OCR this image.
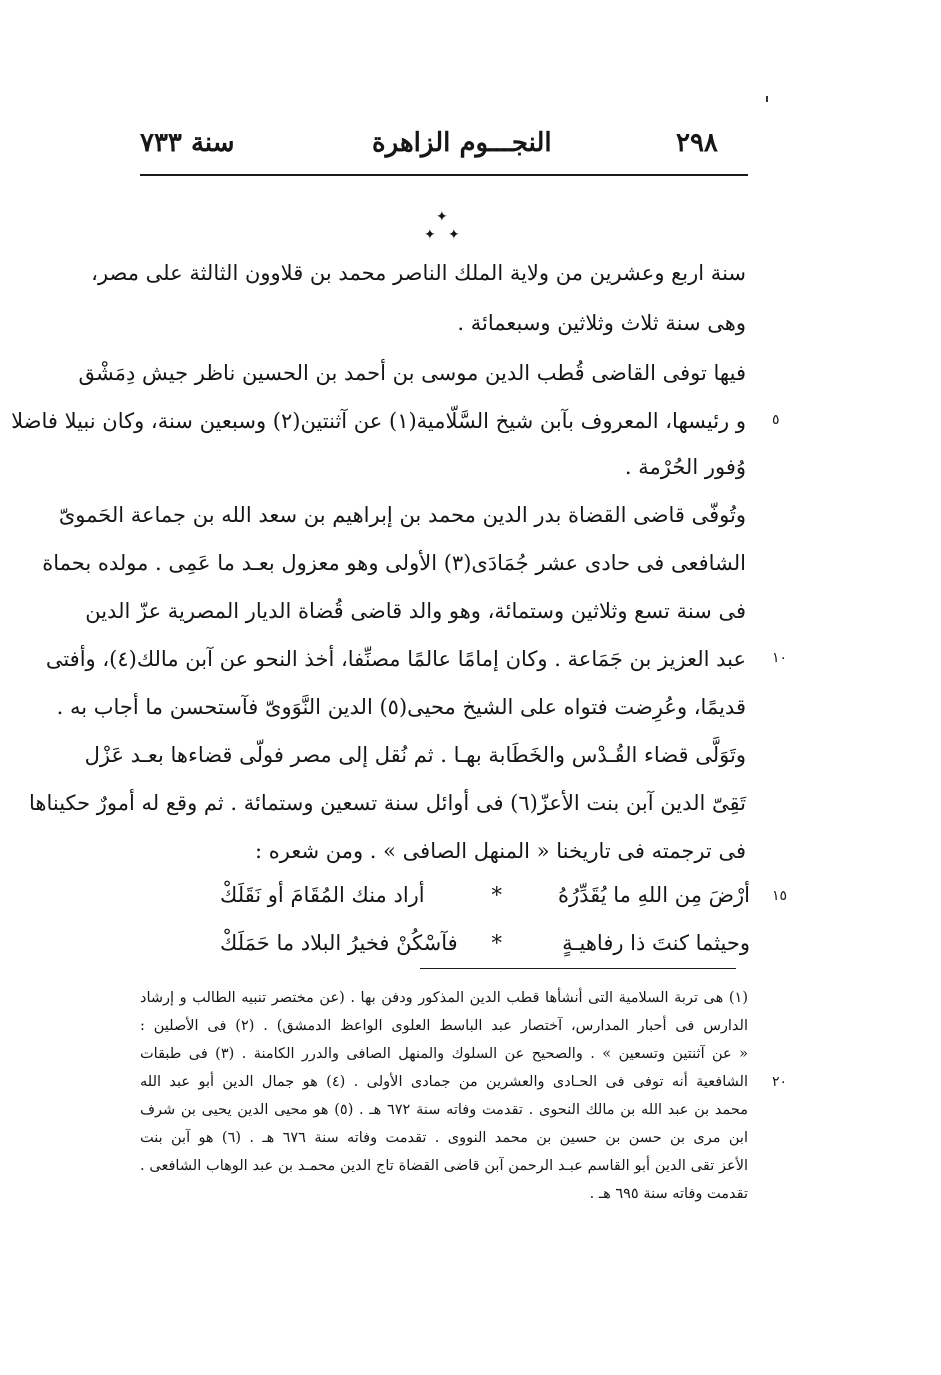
سنة ٧٣٣	النجـــوم الزاهرة	٢٩٨
✦
✦ ✦
سنة اربع وعشرين من ولاية الملك الناصر محمد بن قلاوون الثالثة على مصر،
وهى سنة ثلاث وثلاثين وسبعمائة .
فيها توفى القاضى قُطب الدين موسى بن أحمد بن الحسين ناظر جيش دِمَشْق
و رئيسها، المعروف بآبن شيخ السَّلّامية(١) عن آثنتين(٢) وسبعين سنة، وكان نبيلا فاضلا
وُفور الحُرْمة .
وتُوفّى قاضى القضاة بدر الدين محمد بن إبراهيم بن سعد الله بن جماعة الحَموىّ
الشافعى فى حادى عشر جُمَادَى(٣) الأولى وهو معزول بعـد ما عَمِى . مولده بحماة
فى سنة تسع وثلاثين وستمائة، وهو والد قاضى قُضاة الديار المصرية عزّ الدين
عبد العزيز بن جَمَاعة . وكان إمامًا عالمًا مصنِّفا، أخذ النحو عن آبن مالك(٤)، وأفتى
قديمًا، وعُرِضت فتواه على الشيخ محيى(٥) الدين النَّوَوىّ فآستحسن ما أجاب به .
وتَوَلَّى قضاء القُـدْس والخَطَابة بهـا . ثم نُقل إلى مصر فولّى قضاءها بعـد عَزْل
تَقِىّ الدين آبن بنت الأعزّ(٦) فى أوائل سنة تسعين وستمائة . ثم وقع له أمورٌ حكيناها
فى ترجمته فى تاريخنا « المنهل الصافى » . ومن شعره :
أرْضَ مِن اللهِ ما يُقَدِّرُهُ
*
أراد منك المُقَامَ أو نَقَلَكْ
وحيثما كنتَ ذا رفاهيـةٍ
*
فآسْكُنْ فخيرُ البلاد ما حَمَلَكْ
(١) هى تربة السلامية التى أنشأها قطب الدين المذكور ودفن بها . (عن مختصر تنبيه الطالب و إرشاد
الدارس فى أحبار المدارس، آختصار عبد الباسط العلوى الواعظ الدمشق) . (٢) فى الأصلين :
« عن آثنتين وتسعين » . والصحيح عن السلوك والمنهل الصافى والدرر الكامنة . (٣) فى طبقات
الشافعية أنه توفى فى الحـادى والعشرين من جمادى الأولى . (٤) هو جمال الدين أبو عبد الله
محمد بن عبد الله بن مالك النحوى . تقدمت وفاته سنة ٦٧٢ هـ . (٥) هو محيى الدين يحيى بن شرف
ابن مرى بن حسن بن حسين بن محمد النووى . تقدمت وفاته سنة ٦٧٦ هـ . (٦) هو آبن بنت
الأعز تقى الدين أبو القاسم عبـد الرحمن آبن قاضى القضاة تاج الدين محمـد بن عبد الوهاب الشافعى .
تقدمت وفاته سنة ٦٩٥ هـ .
٥
١٠
١٥
٢٠
